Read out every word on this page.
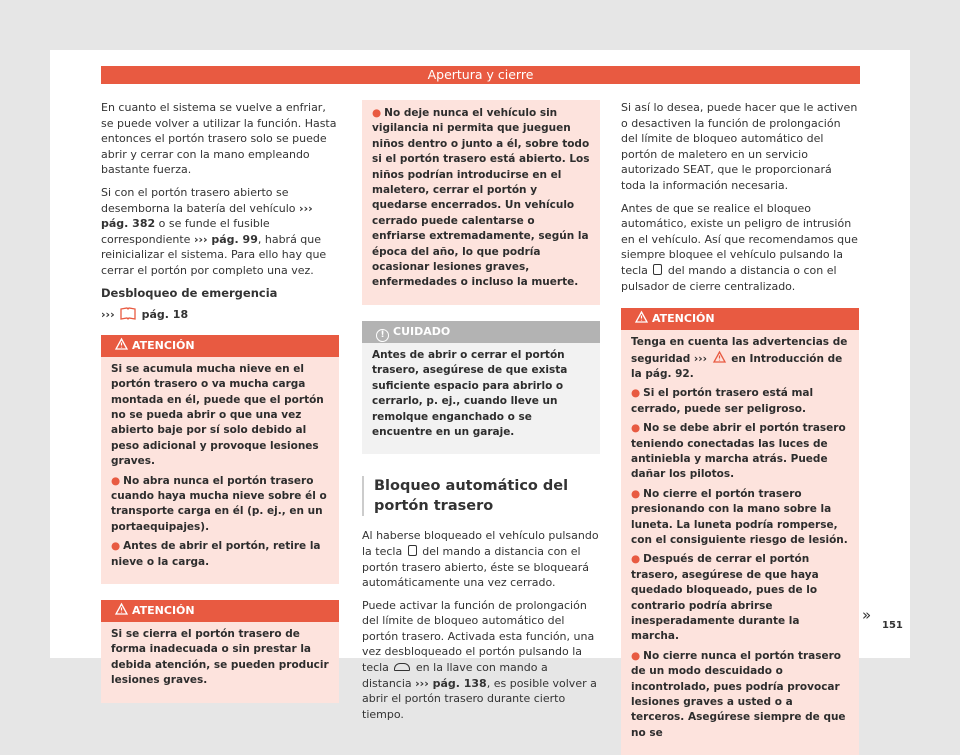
Apertura y cierre

En cuanto el sistema se vuelve a enfriar, se puede volver a utilizar la función. Hasta entonces el portón trasero solo se puede abrir y cerrar con la mano empleando bastante fuerza.

Si con el portón trasero abierto se desemborna la batería del vehículo ››› pág. 382 o se funde el fusible correspondiente ››› pág. 99, habrá que reinicializar el sistema. Para ello hay que cerrar el portón por completo una vez.

Desbloqueo de emergencia

››› pág. 18

ATENCIÓN
Si se acumula mucha nieve en el portón trasero o va mucha carga montada en él, puede que el portón no se pueda abrir o que una vez abierto baje por sí solo debido al peso adicional y provoque lesiones graves.
● No abra nunca el portón trasero cuando haya mucha nieve sobre él o transporte carga en él (p. ej., en un portaequipajes).
● Antes de abrir el portón, retire la nieve o la carga.
ATENCIÓN
Si se cierra el portón trasero de forma inadecuada o sin prestar la debida atención, se pueden producir lesiones graves.
● No deje nunca el vehículo sin vigilancia ni permita que jueguen niños dentro o junto a él, sobre todo si el portón trasero está abierto. Los niños podrían introducirse en el maletero, cerrar el portón y quedarse encerrados. Un vehículo cerrado puede calentarse o enfriarse extremadamente, según la época del año, lo que podría ocasionar lesiones graves, enfermedades o incluso la muerte.
! CUIDADO
Antes de abrir o cerrar el portón trasero, asegúrese de que exista suficiente espacio para abrirlo o cerrarlo, p. ej., cuando lleve un remolque enganchado o se encuentre en un garaje.
Bloqueo automático del portón trasero

Al haberse bloqueado el vehículo pulsando la tecla  del mando a distancia con el portón trasero abierto, éste se bloqueará automáticamente una vez cerrado.

Puede activar la función de prolongación del límite de bloqueo automático del portón trasero. Activada esta función, una vez desbloqueado el portón pulsando la tecla  en la llave con mando a distancia ››› pág. 138, es posible volver a abrir el portón trasero durante cierto tiempo.

Si así lo desea, puede hacer que le activen o desactiven la función de prolongación del límite de bloqueo automático del portón de maletero en un servicio autorizado SEAT, que le proporcionará toda la información necesaria.

Antes de que se realice el bloqueo automático, existe un peligro de intrusión en el vehículo. Así que recomendamos que siempre bloquee el vehículo pulsando la tecla  del mando a distancia o con el pulsador de cierre centralizado.

ATENCIÓN
Tenga en cuenta las advertencias de seguridad ›››  en Introducción de la pág. 92.
● Si el portón trasero está mal cerrado, puede ser peligroso.
● No se debe abrir el portón trasero teniendo conectadas las luces de antiniebla y marcha atrás. Puede dañar los pilotos.
● No cierre el portón trasero presionando con la mano sobre la luneta. La luneta podría romperse, con el consiguiente riesgo de lesión.
● Después de cerrar el portón trasero, asegúrese de que haya quedado bloqueado, pues de lo contrario podría abrirse inesperadamente durante la marcha.
● No cierre nunca el portón trasero de un modo descuidado o incontrolado, pues podría provocar lesiones graves a usted o a terceros. Asegúrese siempre de que no se
»
151
